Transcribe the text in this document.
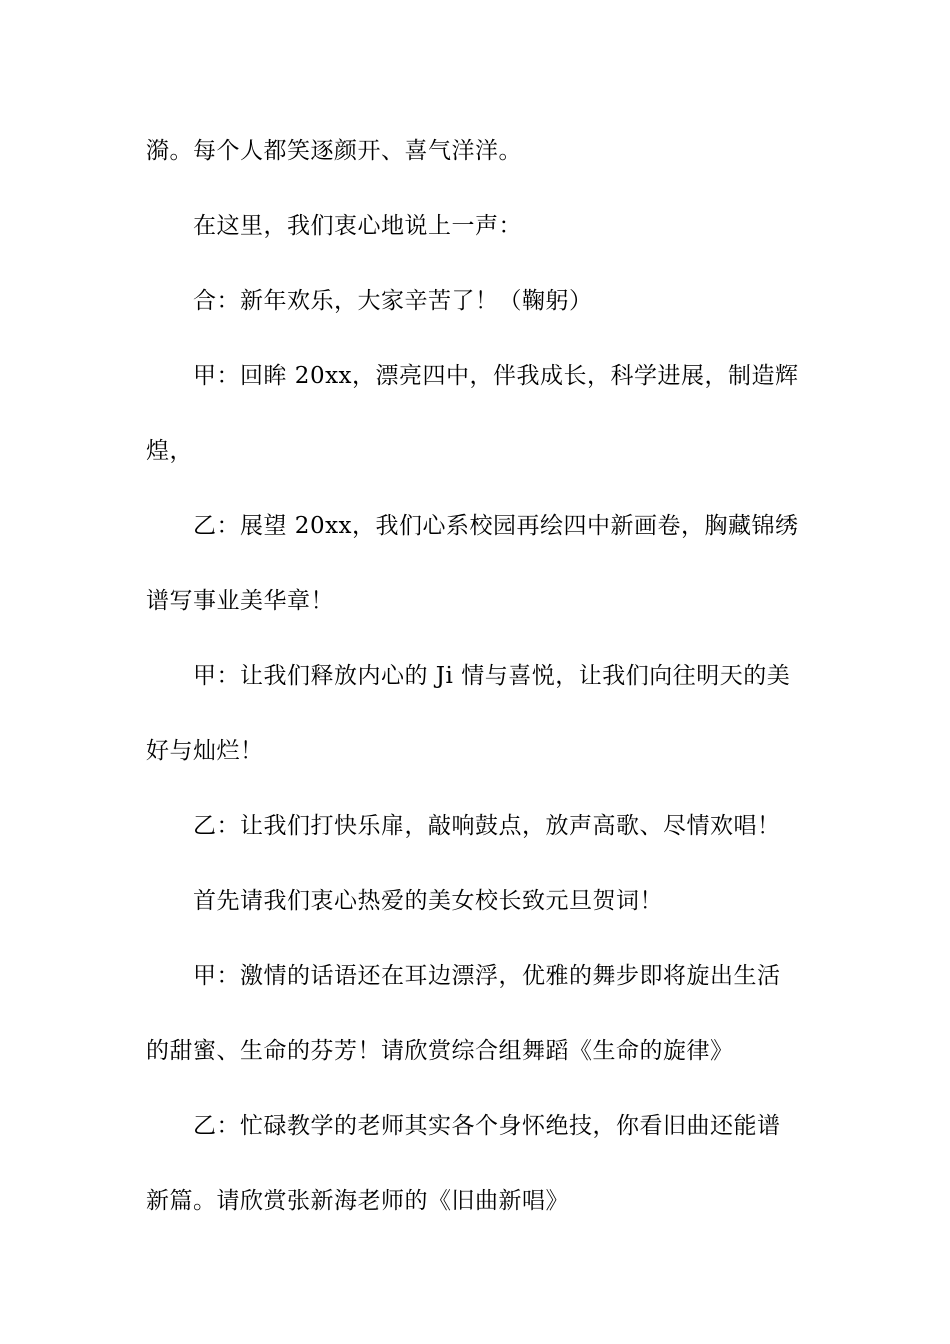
漪。每个人都笑逐颜开、喜气洋洋。
在这里，我们衷心地说上一声：
合：新年欢乐，大家辛苦了！（鞠躬）
甲：回眸 20xx，漂亮四中，伴我成长，科学进展，制造辉
煌，
乙：展望 20xx，我们心系校园再绘四中新画卷，胸藏锦绣
谱写事业美华章！
甲：让我们释放内心的 Ji 情与喜悦，让我们向往明天的美
好与灿烂！
乙：让我们打快乐扉，敲响鼓点，放声高歌、尽情欢唱！
首先请我们衷心热爱的美女校长致元旦贺词！
甲：激情的话语还在耳边漂浮，优雅的舞步即将旋出生活
的甜蜜、生命的芬芳！请欣赏综合组舞蹈《生命的旋律》
乙：忙碌教学的老师其实各个身怀绝技，你看旧曲还能谱
新篇。请欣赏张新海老师的《旧曲新唱》
